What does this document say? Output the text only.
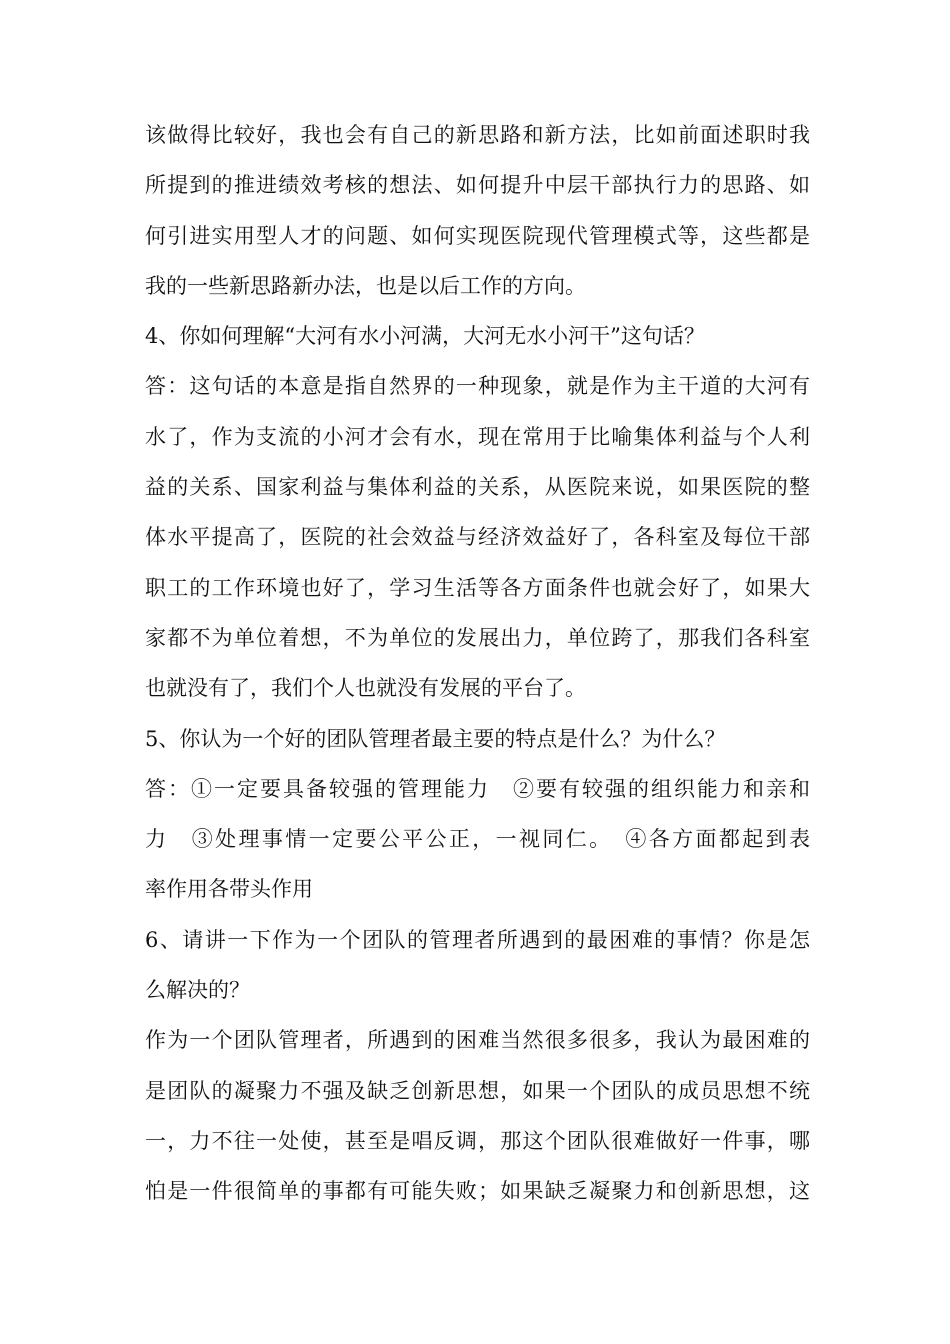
该做得比较好，我也会有自己的新思路和新方法，比如前面述职时我
所提到的推进绩效考核的想法、如何提升中层干部执行力的思路、如
何引进实用型人才的问题、如何实现医院现代管理模式等，这些都是
我的一些新思路新办法，也是以后工作的方向。
4、你如何理解“大河有水小河满，大河无水小河干”这句话？
答：这句话的本意是指自然界的一种现象，就是作为主干道的大河有
水了，作为支流的小河才会有水，现在常用于比喻集体利益与个人利
益的关系、国家利益与集体利益的关系，从医院来说，如果医院的整
体水平提高了，医院的社会效益与经济效益好了，各科室及每位干部
职工的工作环境也好了，学习生活等各方面条件也就会好了，如果大
家都不为单位着想，不为单位的发展出力，单位跨了，那我们各科室
也就没有了，我们个人也就没有发展的平台了。
5、你认为一个好的团队管理者最主要的特点是什么？为什么？
答：①一定要具备较强的管理能力　②要有较强的组织能力和亲和
力　③处理事情一定要公平公正，一视同仁。　④各方面都起到表
率作用各带头作用
6、请讲一下作为一个团队的管理者所遇到的最困难的事情？你是怎
么解决的？
作为一个团队管理者，所遇到的困难当然很多很多，我认为最困难的
是团队的凝聚力不强及缺乏创新思想，如果一个团队的成员思想不统
一，力不往一处使，甚至是唱反调，那这个团队很难做好一件事，哪
怕是一件很简单的事都有可能失败；如果缺乏凝聚力和创新思想，这
